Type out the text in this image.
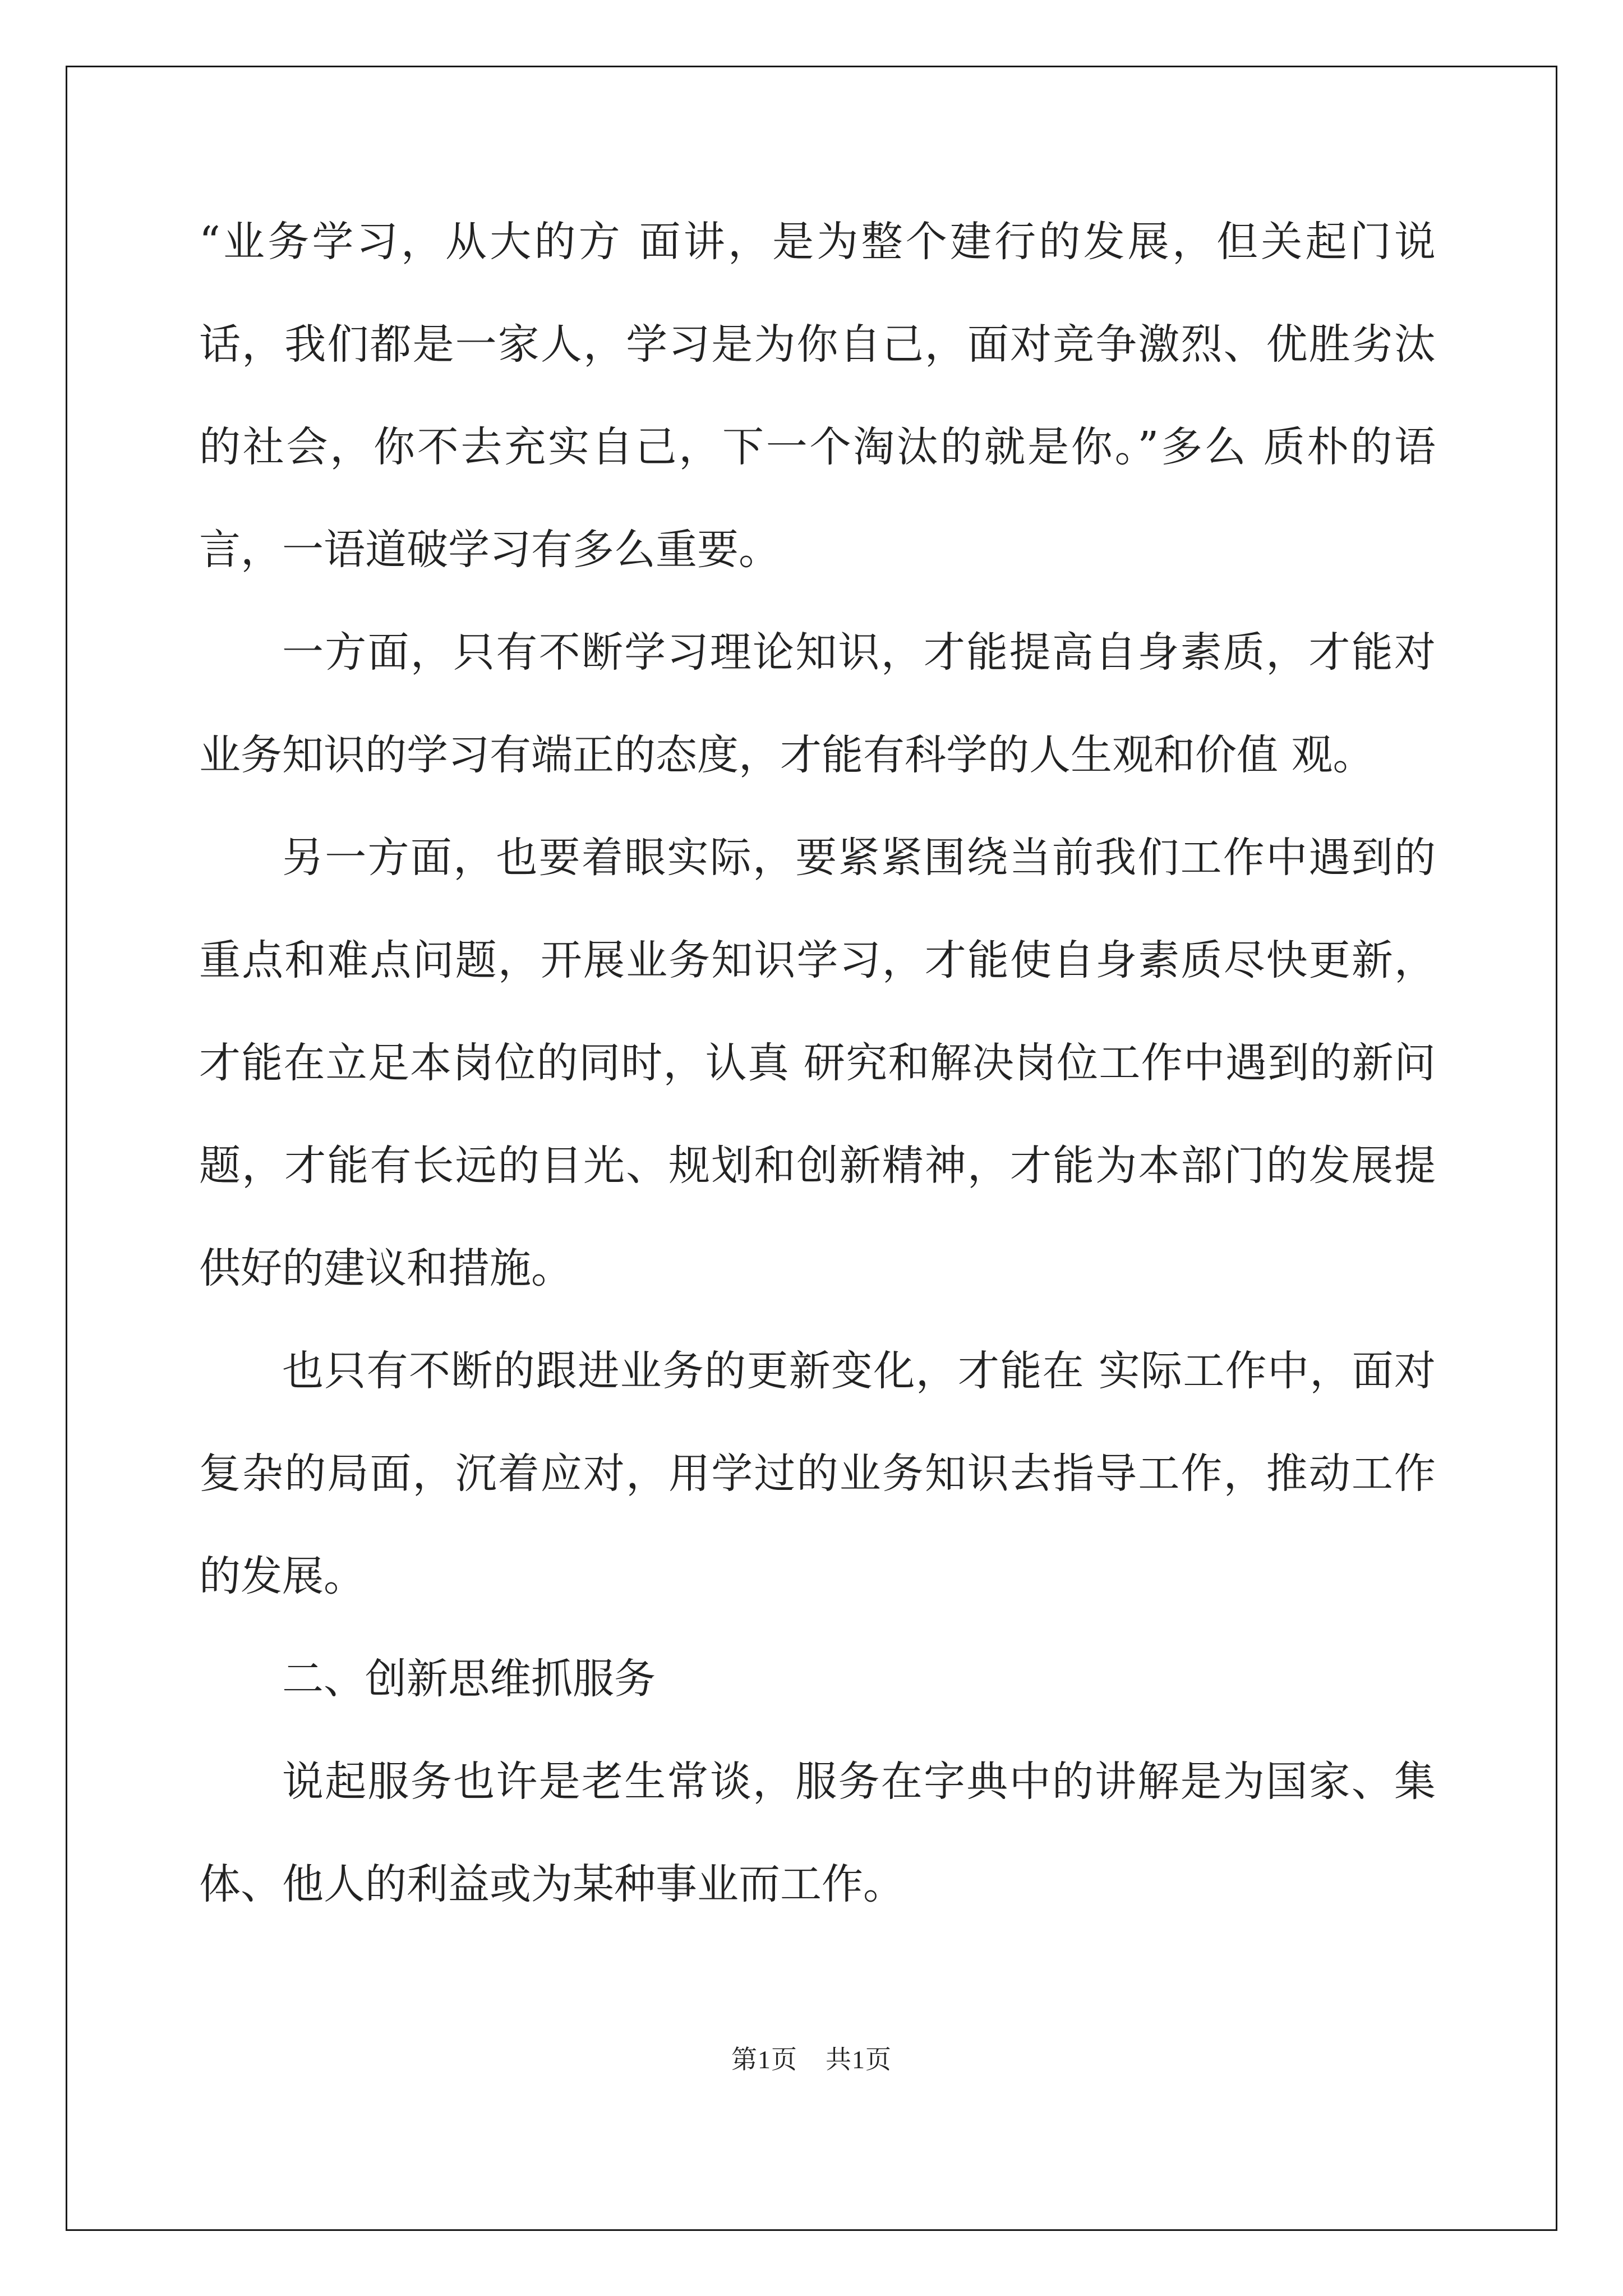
“业务学习，从大的方 面讲，是为整个建行的发展，但关起门说话，我们都是一家人，学习是为你自己，面对竞争激烈、优胜劣汰的社会，你不去充实自己，下一个淘汰的就是你。”多么 质朴的语言，一语道破学习有多么重要。

一方面，只有不断学习理论知识，才能提高自身素质，才能对业务知识的学习有端正的态度，才能有科学的人生观和价值 观。

另一方面，也要着眼实际，要紧紧围绕当前我们工作中遇到的重点和难点问题，开展业务知识学习，才能使自身素质尽快更新，才能在立足本岗位的同时，认真 研究和解决岗位工作中遇到的新问题，才能有长远的目光、规划和创新精神，才能为本部门的发展提供好的建议和措施。

也只有不断的跟进业务的更新变化，才能在 实际工作中，面对复杂的局面，沉着应对，用学过的业务知识去指导工作，推动工作的发展。

二、创新思维抓服务

说起服务也许是老生常谈，服务在字典中的讲解是为国家、集体、他人的利益或为某种事业而工作。

第1页 共1页
